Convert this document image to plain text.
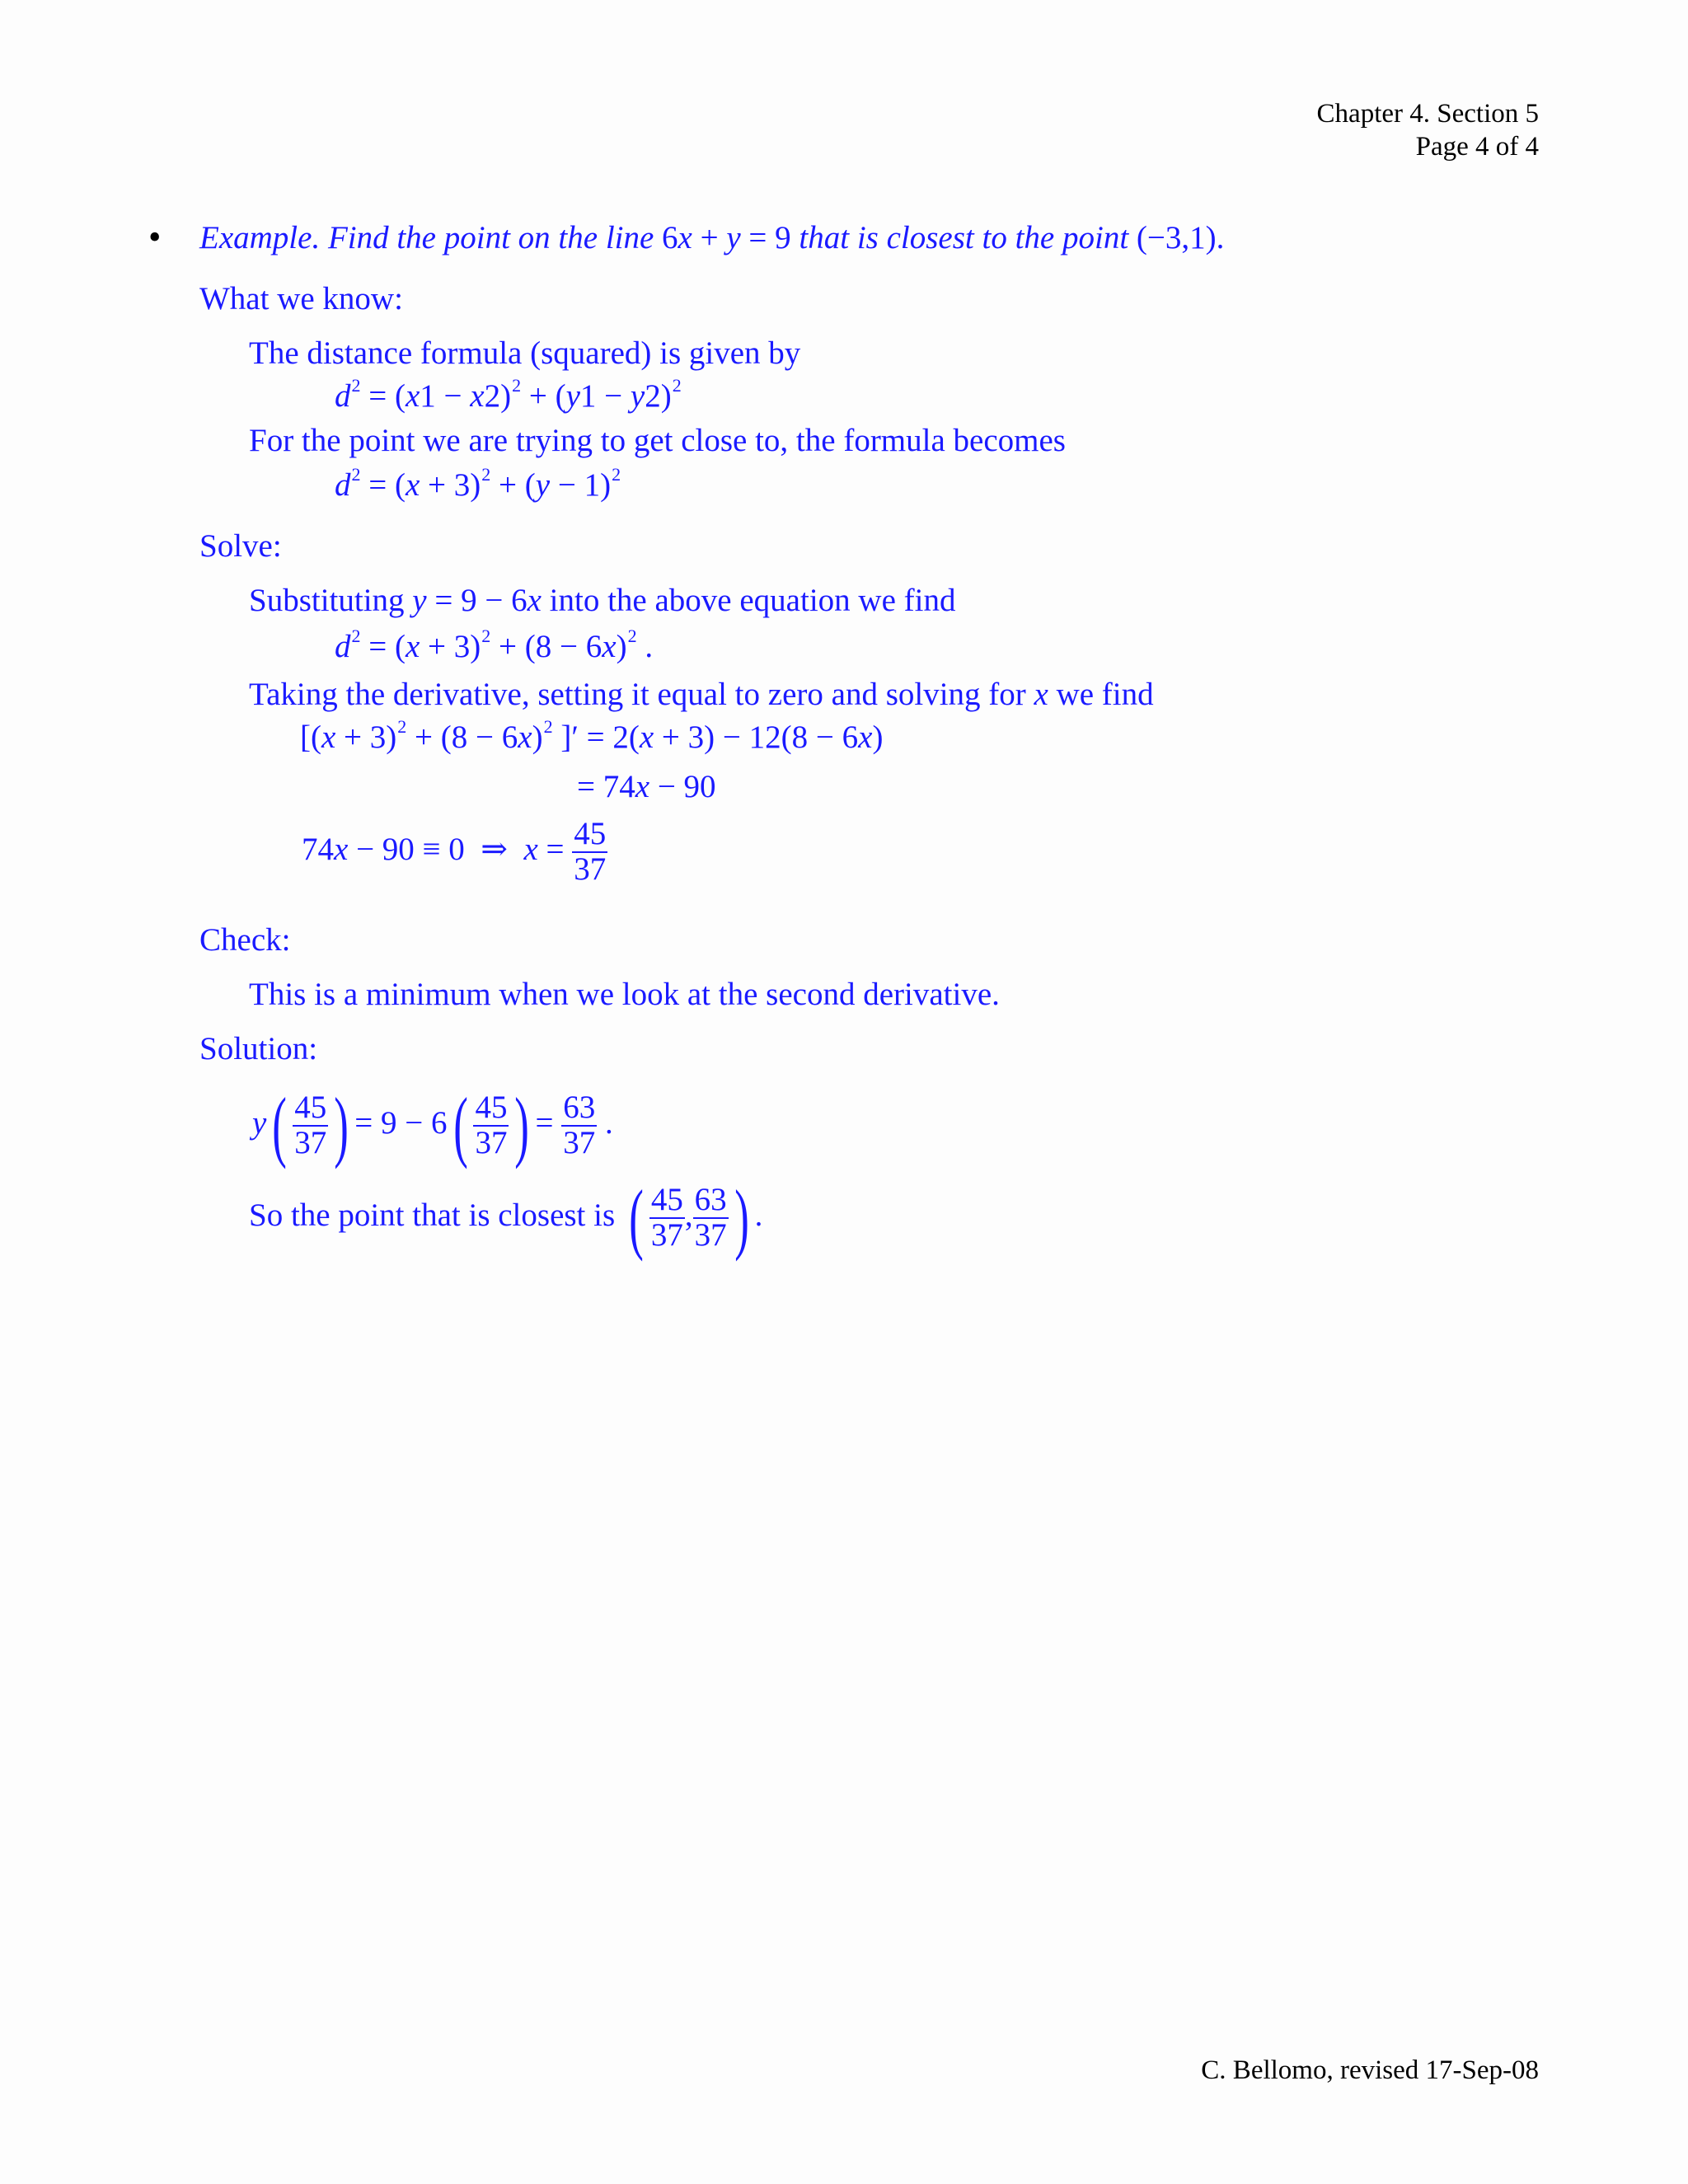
Chapter 4. Section 5
Page 4 of 4
• Example. Find the point on the line 6x + y = 9 that is closest to the point (−3,1).
What we know:
The distance formula (squared) is given by
$d^2 = (x1 - x2)^2 + (y1 - y2)^2$
For the point we are trying to get close to, the formula becomes
$d^2 = (x + 3)^2 + (y - 1)^2$
Solve:
Substituting y = 9 − 6x into the above equation we find
$d^2 = (x + 3)^2 + (8 - 6x)^2$ .
Taking the derivative, setting it equal to zero and solving for x we find
[$(x + 3)^2 + (8 - 6x)^2$ ]′ = 2(x + 3) − 12(8 − 6x)
= 74x − 90
74x − 90 ≡ 0  ⇒  $x = \frac{45}{37}$
Check:
This is a minimum when we look at the second derivative.
Solution:
$y( \frac{45}{37}$ ) = $9 - 6( \frac{45}{37}$ ) = $\frac{63}{37}$ .
So the point that is closest is ( $\frac{45}{37}$ , $\frac{63}{37}$ ) .
C. Bellomo, revised 17-Sep-08
